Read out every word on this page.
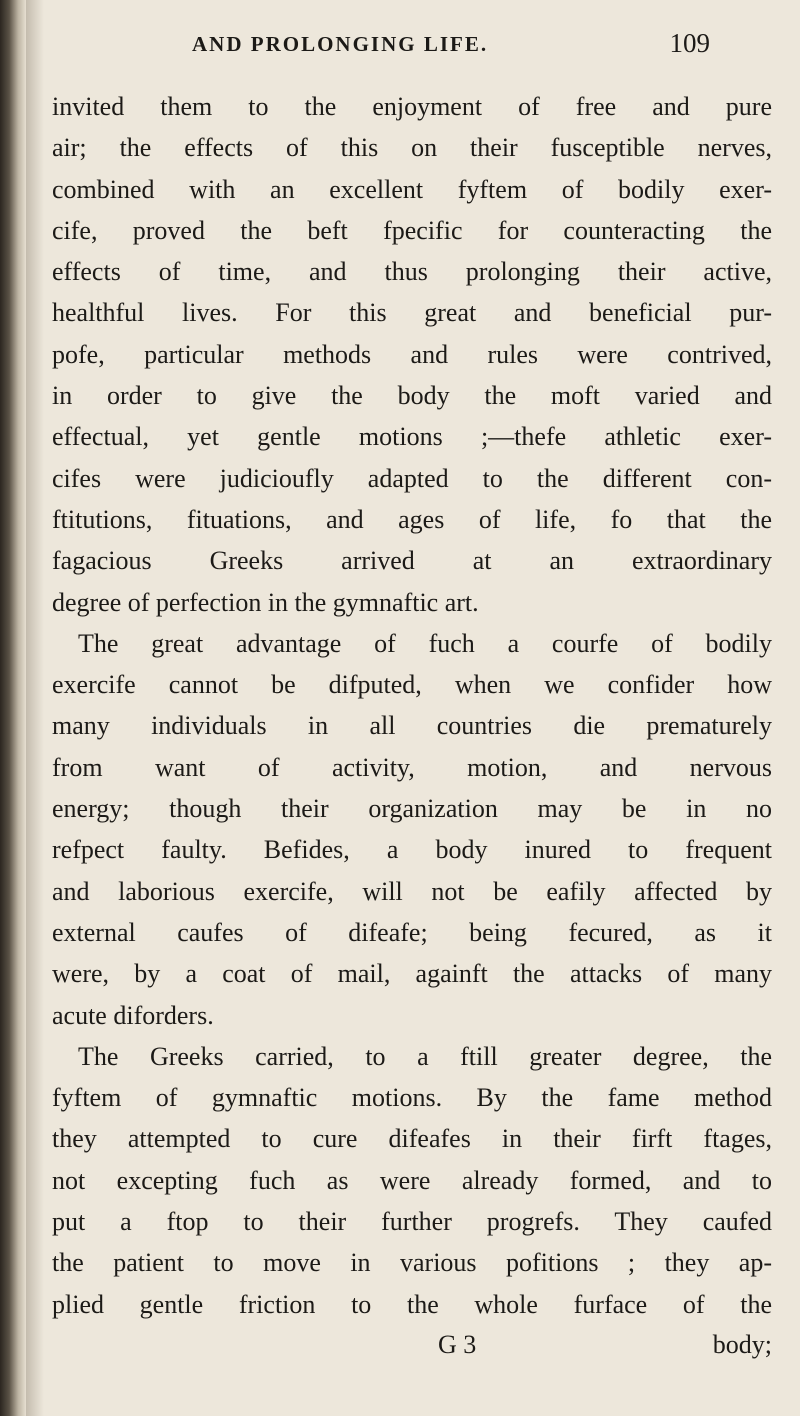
AND PROLONGING LIFE.	109
invited them to the enjoyment of free and pure
air; the effects of this on their fusceptible nerves,
combined with an excellent fyftem of bodily exer-
cife, proved the beft fpecific for counteracting the
effects of time, and thus prolonging their active,
healthful lives. For this great and beneficial pur-
pofe, particular methods and rules were contrived,
in order to give the body the moft varied and
effectual, yet gentle motions ;—thefe athletic exer-
cifes were judicioufly adapted to the different con-
ftitutions, fituations, and ages of life, fo that the
fagacious Greeks arrived at an extraordinary
degree of perfection in the gymnaftic art.
The great advantage of fuch a courfe of bodily
exercife cannot be difputed, when we confider how
many individuals in all countries die prematurely
from want of activity, motion, and nervous
energy; though their organization may be in no
refpect faulty. Befides, a body inured to frequent
and laborious exercife, will not be eafily affected by
external caufes of difeafe; being fecured, as it
were, by a coat of mail, againft the attacks of many
acute diforders.
The Greeks carried, to a ftill greater degree, the
fyftem of gymnaftic motions. By the fame method
they attempted to cure difeafes in their firft ftages,
not excepting fuch as were already formed, and to
put a ftop to their further progrefs. They caufed
the patient to move in various pofitions ; they ap-
plied gentle friction to the whole furface of the
G 3	body;
